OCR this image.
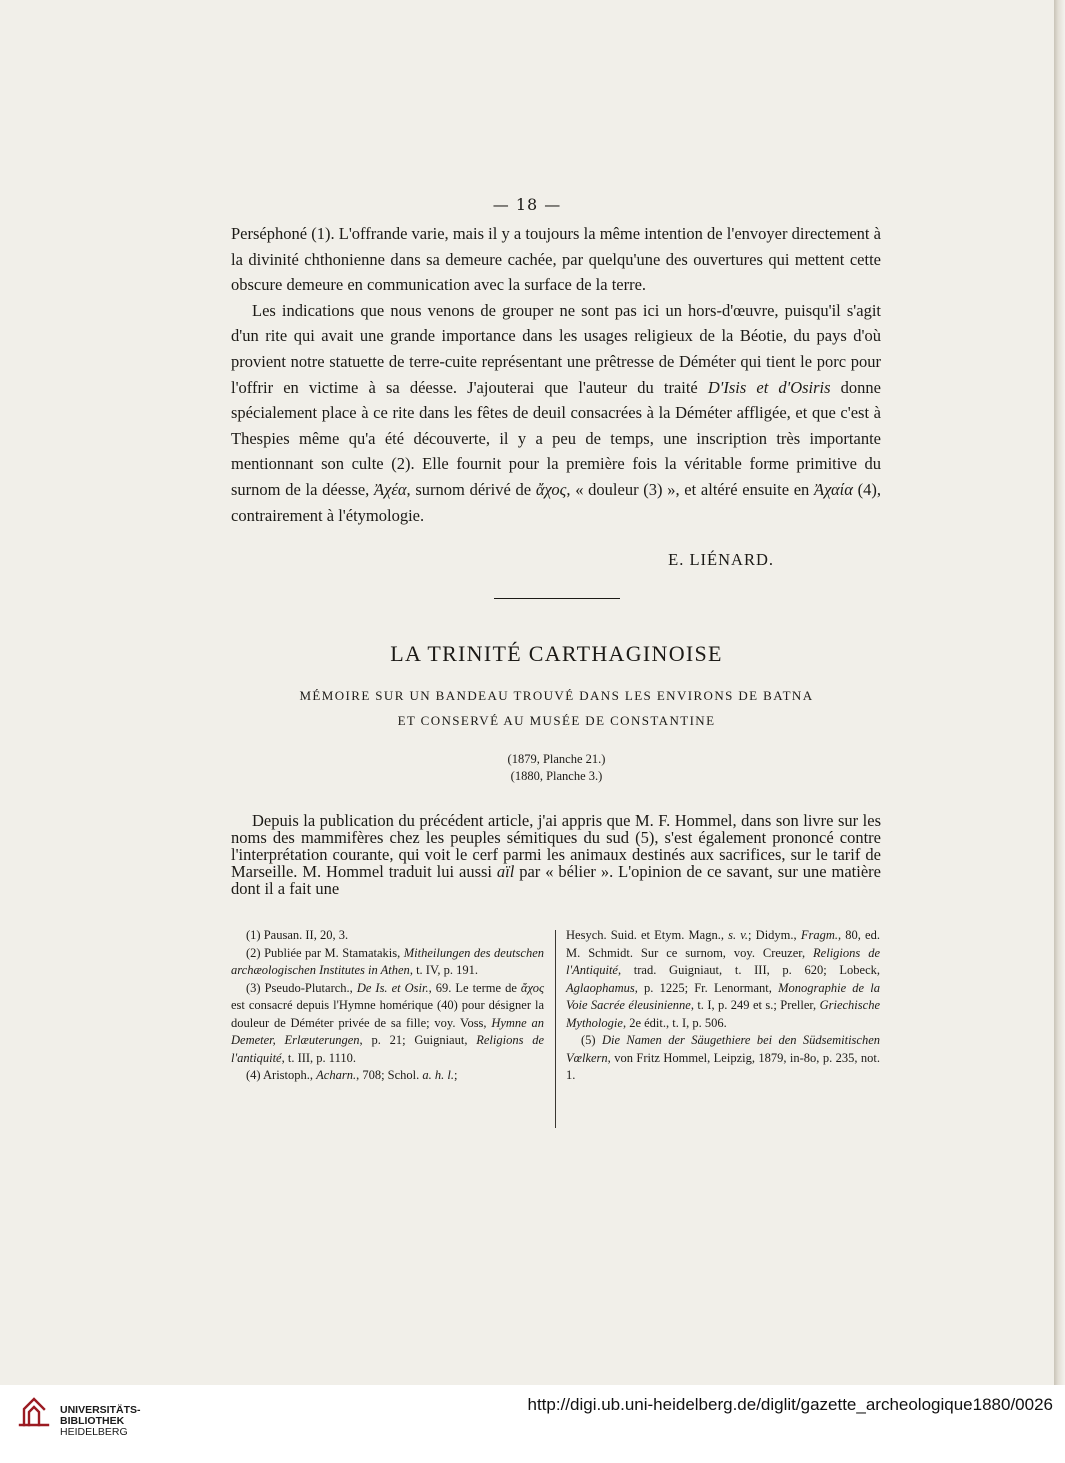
— 18 —

Perséphoné (1). L'offrande varie, mais il y a toujours la même intention de l'envoyer directement à la divinité chthonienne dans sa demeure cachée, par quelqu'une des ouvertures qui mettent cette obscure demeure en communication avec la surface de la terre.

Les indications que nous venons de grouper ne sont pas ici un hors-d'œuvre, puisqu'il s'agit d'un rite qui avait une grande importance dans les usages religieux de la Béotie, du pays d'où provient notre statuette de terre-cuite représentant une prêtresse de Déméter qui tient le porc pour l'offrir en victime à sa déesse. J'ajouterai que l'auteur du traité D'Isis et d'Osiris donne spécialement place à ce rite dans les fêtes de deuil consacrées à la Déméter affligée, et que c'est à Thespies même qu'a été découverte, il y a peu de temps, une inscription très importante mentionnant son culte (2). Elle fournit pour la première fois la véritable forme primitive du surnom de la déesse, Ἀχέα, surnom dérivé de ἄχος, « douleur (3) », et altéré ensuite en Ἀχαία (4), contrairement à l'étymologie.

E. LIÉNARD.
LA TRINITÉ CARTHAGINOISE
MÉMOIRE SUR UN BANDEAU TROUVÉ DANS LES ENVIRONS DE BATNA
ET CONSERVÉ AU MUSÉE DE CONSTANTINE
(1879, Planche 21.)
(1880, Planche 3.)

Depuis la publication du précédent article, j'ai appris que M. F. Hommel, dans son livre sur les noms des mammifères chez les peuples sémitiques du sud (5), s'est également prononcé contre l'interprétation courante, qui voit le cerf parmi les animaux destinés aux sacrifices, sur le tarif de Marseille. M. Hommel traduit lui aussi aïl par « bélier ». L'opinion de ce savant, sur une matière dont il a fait une

(1) Pausan. II, 20, 3.

(2) Publiée par M. Stamatakis, Mitheilungen des deutschen archæologischen Institutes in Athen, t. IV, p. 191.

(3) Pseudo-Plutarch., De Is. et Osir., 69. Le terme de ἄχος est consacré depuis l'Hymne homérique (40) pour désigner la douleur de Déméter privée de sa fille; voy. Voss, Hymne an Demeter, Erlæuterungen, p. 21; Guigniaut, Religions de l'antiquité, t. III, p. 1110.

(4) Aristoph., Acharn., 708; Schol. a. h. l.;

Hesych. Suid. et Etym. Magn., s. v.; Didym., Fragm., 80, ed. M. Schmidt. Sur ce surnom, voy. Creuzer, Religions de l'Antiquité, trad. Guigniaut, t. III, p. 620; Lobeck, Aglaophamus, p. 1225; Fr. Lenormant, Monographie de la Voie Sacrée éleusinienne, t. I, p. 249 et s.; Preller, Griechische Mythologie, 2e édit., t. I, p. 506.

(5) Die Namen der Säugethiere bei den Südsemitischen Vœlkern, von Fritz Hommel, Leipzig, 1879, in-8o, p. 235, not. 1.

UNIVERSITÄTS-
BIBLIOTHEK
HEIDELBERG
http://digi.ub.uni-heidelberg.de/diglit/gazette_archeologique1880/0026
